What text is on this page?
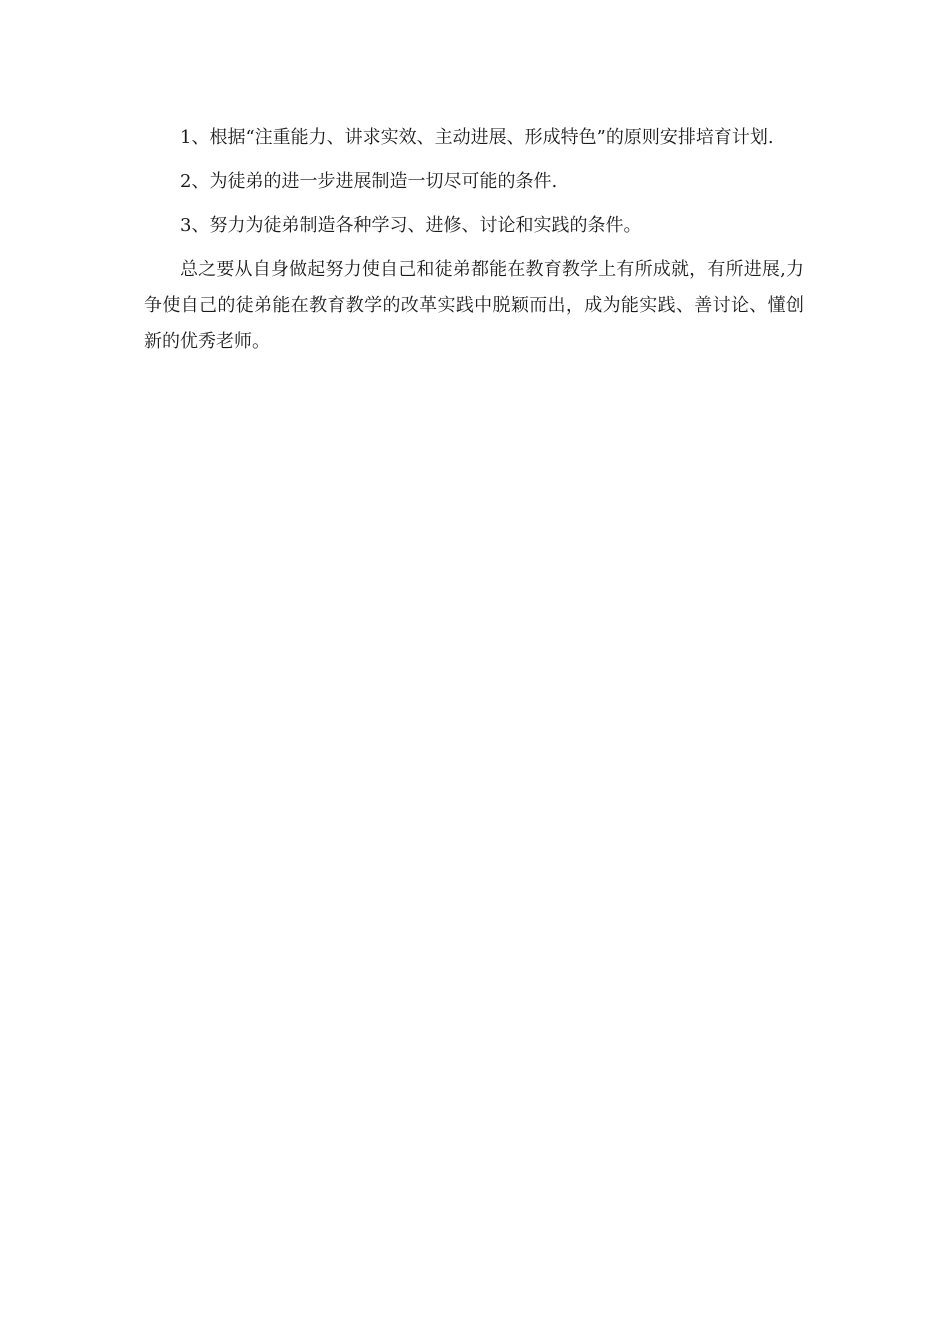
1、根据“注重能力、讲求实效、主动进展、形成特色”的原则安排培育计划.

2、为徒弟的进一步进展制造一切尽可能的条件.

3、努力为徒弟制造各种学习、进修、讨论和实践的条件。

总之要从自身做起努力使自己和徒弟都能在教育教学上有所成就，有所进展,力争使自己的徒弟能在教育教学的改革实践中脱颖而出，成为能实践、善讨论、懂创新的优秀老师。
